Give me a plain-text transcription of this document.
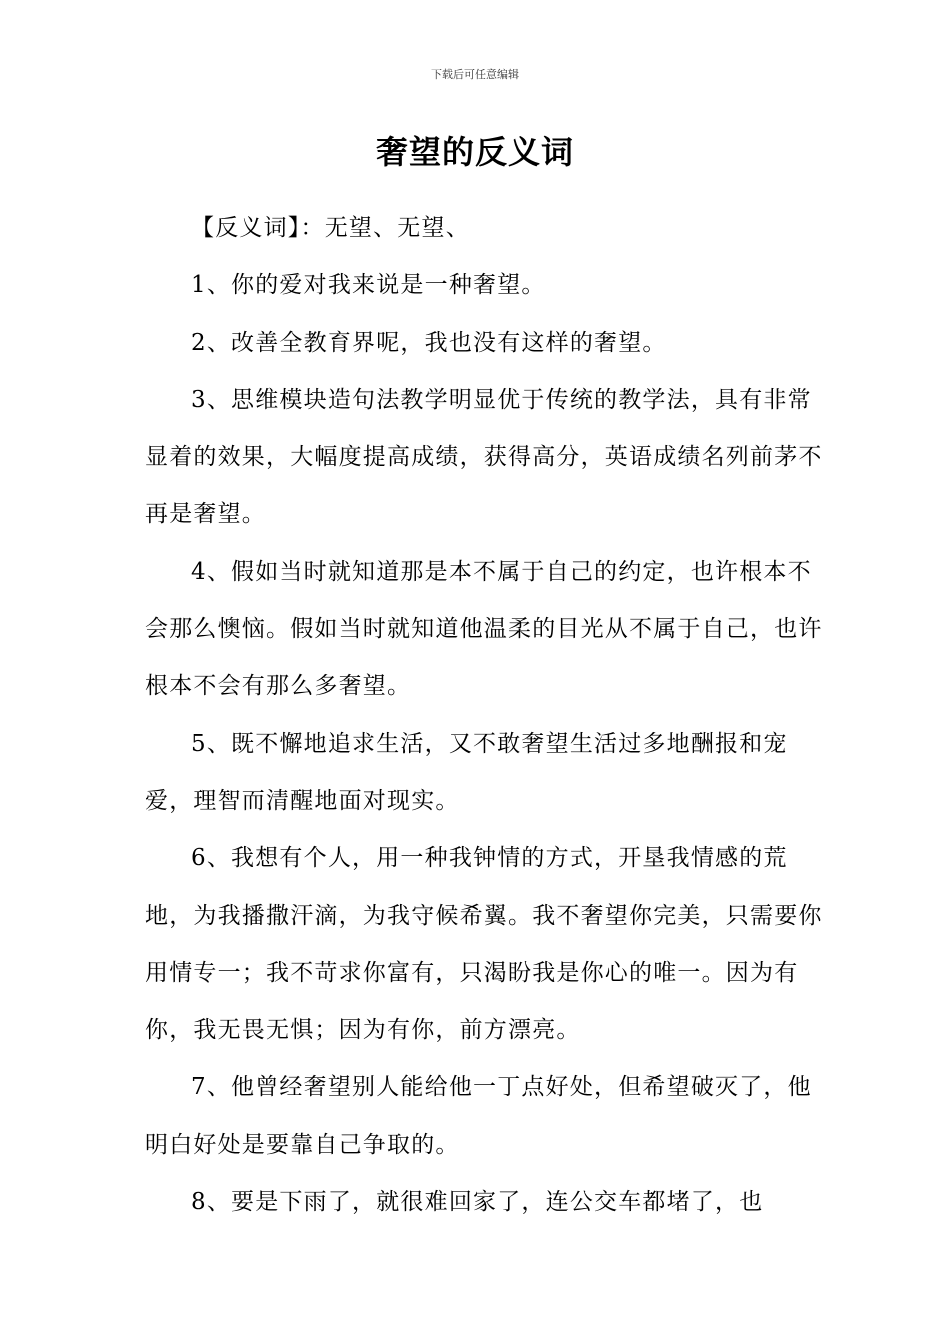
下载后可任意编辑
奢望的反义词

【反义词】：无望、无望、

1、你的爱对我来说是一种奢望。

2、改善全教育界呢，我也没有这样的奢望。

3、思维模块造句法教学明显优于传统的教学法，具有非常显着的效果，大幅度提高成绩，获得高分，英语成绩名列前茅不再是奢望。

4、假如当时就知道那是本不属于自己的约定，也许根本不会那么懊恼。假如当时就知道他温柔的目光从不属于自己，也许根本不会有那么多奢望。

5、既不懈地追求生活，又不敢奢望生活过多地酬报和宠爱，理智而清醒地面对现实。

6、我想有个人，用一种我钟情的方式，开垦我情感的荒地，为我播撒汗滴，为我守候希翼。我不奢望你完美，只需要你用情专一；我不苛求你富有，只渴盼我是你心的唯一。因为有你，我无畏无惧；因为有你，前方漂亮。

7、他曾经奢望别人能给他一丁点好处，但希望破灭了，他明白好处是要靠自己争取的。

8、要是下雨了，就很难回家了，连公交车都堵了，也
